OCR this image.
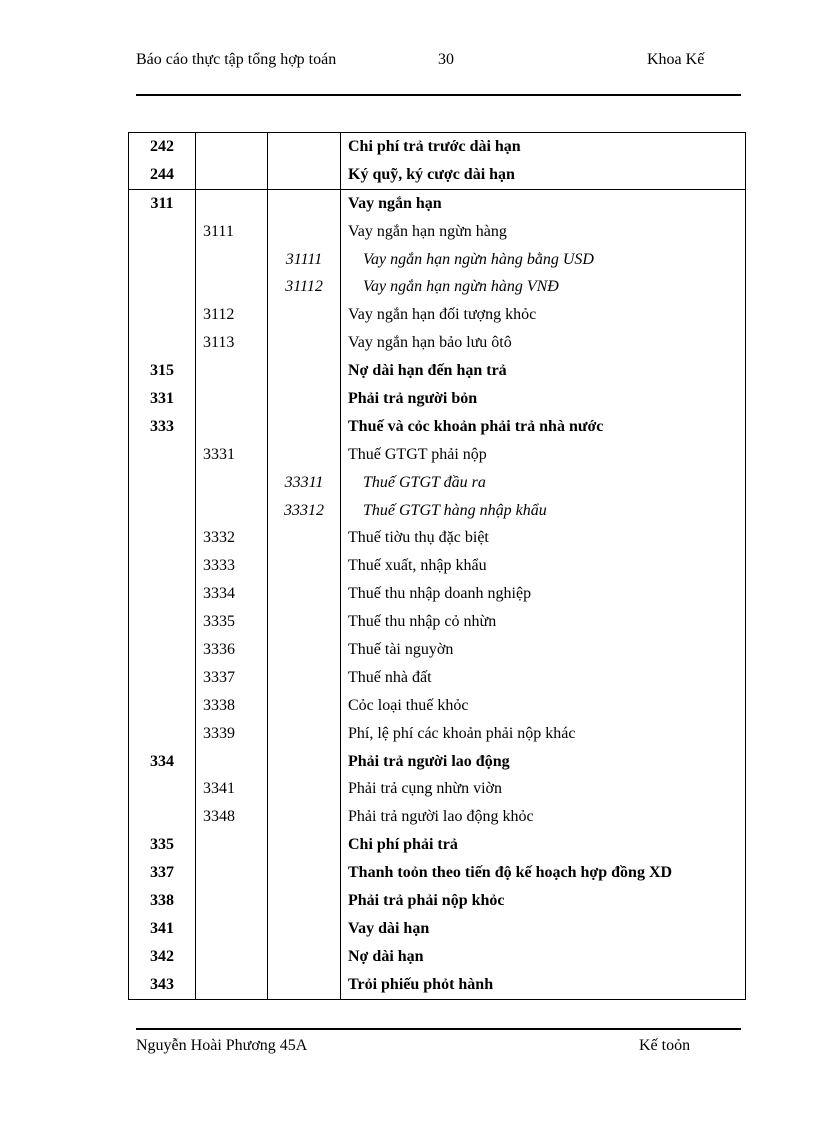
Báo cáo thực tập tổng hợp toán	30	Khoa Kế
242			Chi phí trả trước dài hạn
244			Ký quỹ, ký cược dài hạn
311			Vay ngắn hạn
	3111		Vay ngắn hạn ngừn hàng
		31111	Vay ngắn hạn ngừn hàng bằng USD
		31112	Vay ngắn hạn ngừn hàng VNĐ
	3112		Vay ngắn hạn đối tượng khỏc
	3113		Vay ngắn hạn bảo lưu ôtô
315			Nợ dài hạn đến hạn trả
331			Phải trả người bỏn
333			Thuế và cỏc khoản phải trả nhà nước
	3331		Thuế GTGT phải nộp
		33311	Thuế GTGT đầu ra
		33312	Thuế GTGT hàng nhập khẩu
	3332		Thuế tiờu thụ đặc biệt
	3333		Thuế xuất, nhập khẩu
	3334		Thuế thu nhập doanh nghiệp
	3335		Thuế thu nhập cỏ nhừn
	3336		Thuế tài nguyờn
	3337		Thuế nhà đất
	3338		Cỏc loại thuế khỏc
	3339		Phí, lệ phí các khoản phải nộp khác
334			Phải trả người lao động
	3341		Phải trả cụng nhừn viờn
	3348		Phải trả người lao động khỏc
335			Chi phí phải trả
337			Thanh toỏn theo tiến độ kế hoạch hợp đồng XD
338			Phải trả phải nộp khỏc
341			Vay dài hạn
342			Nợ dài hạn
343			Trỏi phiếu phỏt hành
Nguyễn Hoài Phương 45A	Kế toỏn
